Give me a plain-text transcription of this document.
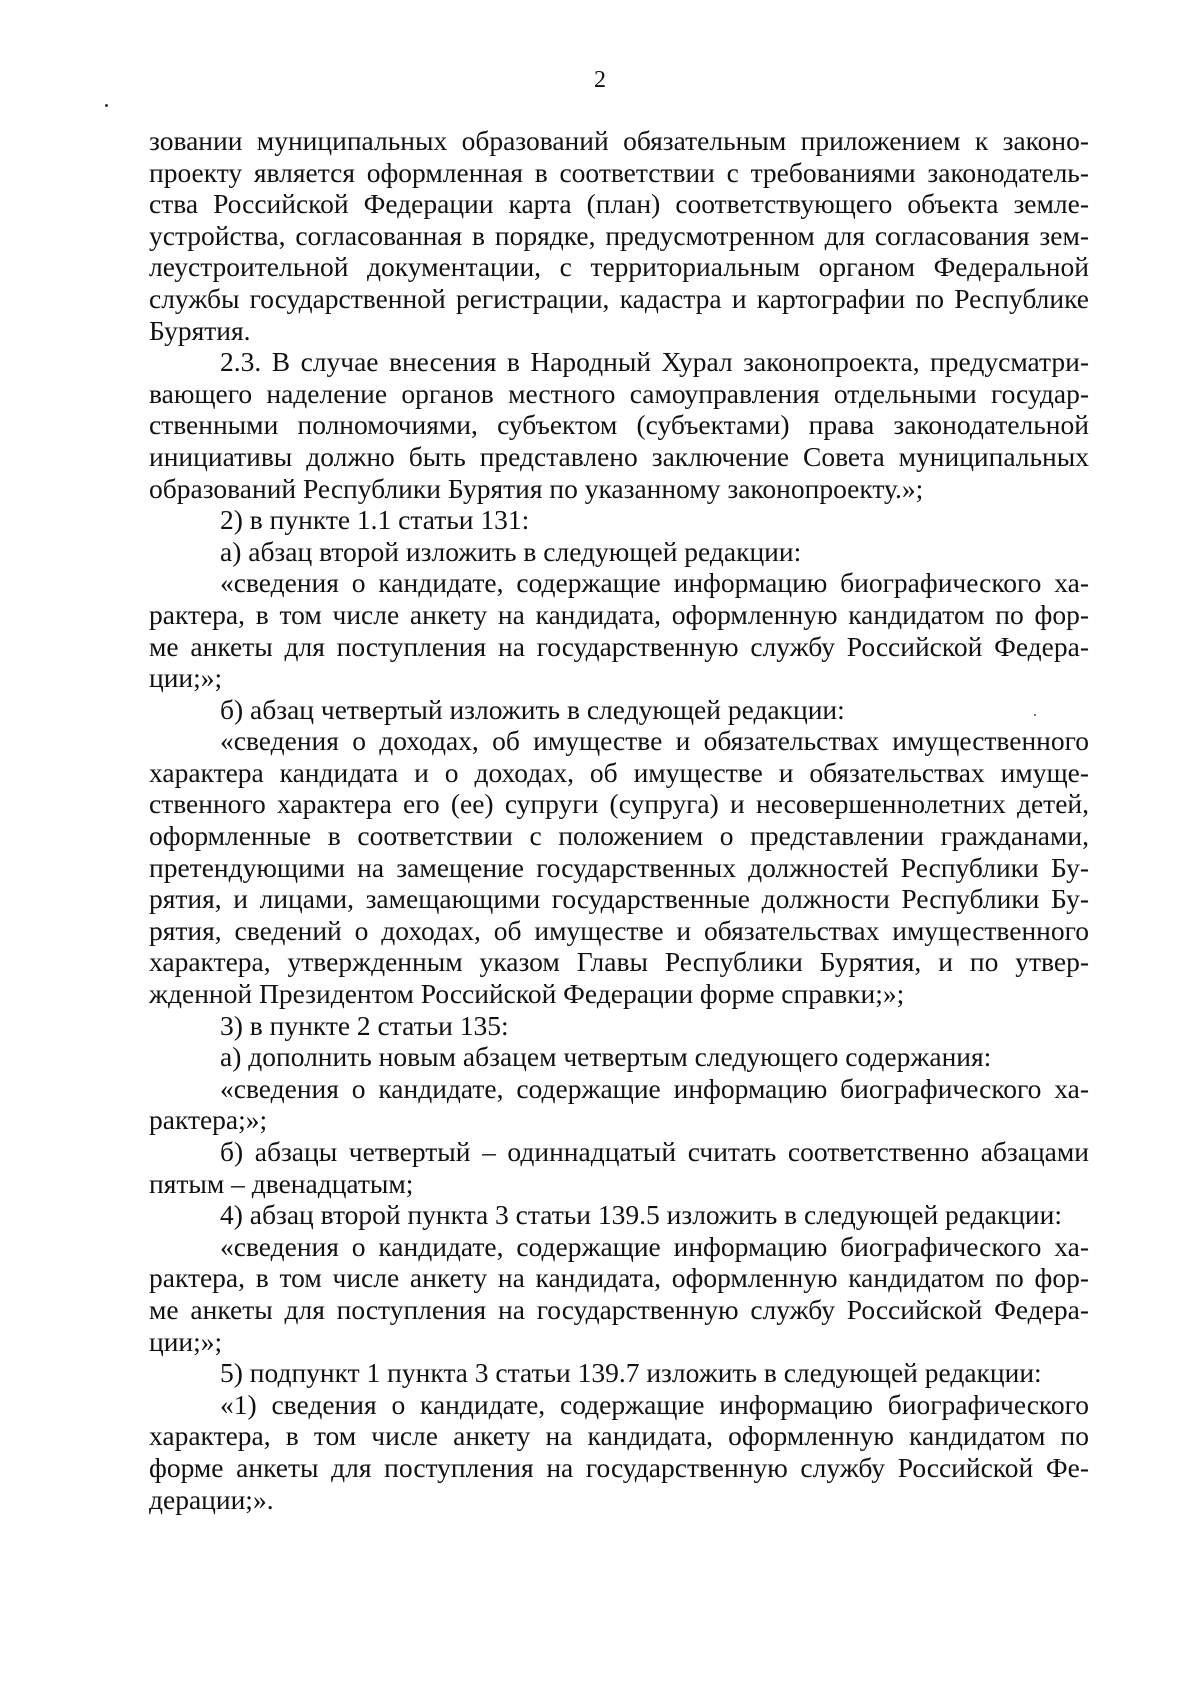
2
зовании муниципальных образований обязательным приложением к законо-
проекту является оформленная в соответствии с требованиями законодатель-
ства Российской Федерации карта (план) соответствующего объекта земле-
устройства, согласованная в порядке, предусмотренном для согласования зем-
леустроительной документации, с территориальным органом Федеральной
службы государственной регистрации, кадастра и картографии по Республике
Бурятия.
2.3. В случае внесения в Народный Хурал законопроекта, предусматри-
вающего наделение органов местного самоуправления отдельными государ-
ственными полномочиями, субъектом (субъектами) права законодательной
инициативы должно быть представлено заключение Совета муниципальных
образований Республики Бурятия по указанному законопроекту.»;
2) в пункте 1.1 статьи 131:
а) абзац второй изложить в следующей редакции:
«сведения о кандидате, содержащие информацию биографического ха-
рактера, в том числе анкету на кандидата, оформленную кандидатом по фор-
ме анкеты для поступления на государственную службу Российской Федера-
ции;»;
б) абзац четвертый изложить в следующей редакции:
«сведения о доходах, об имуществе и обязательствах имущественного
характера кандидата и о доходах, об имуществе и обязательствах имуще-
ственного характера его (ее) супруги (супруга) и несовершеннолетних детей,
оформленные в соответствии с положением о представлении гражданами,
претендующими на замещение государственных должностей Республики Бу-
рятия, и лицами, замещающими государственные должности Республики Бу-
рятия, сведений о доходах, об имуществе и обязательствах имущественного
характера, утвержденным указом Главы Республики Бурятия, и по утвер-
жденной Президентом Российской Федерации форме справки;»;
3) в пункте 2 статьи 135:
а) дополнить новым абзацем четвертым следующего содержания:
«сведения о кандидате, содержащие информацию биографического ха-
рактера;»;
б) абзацы четвертый – одиннадцатый считать соответственно абзацами
пятым – двенадцатым;
4) абзац второй пункта 3 статьи 139.5 изложить в следующей редакции:
«сведения о кандидате, содержащие информацию биографического ха-
рактера, в том числе анкету на кандидата, оформленную кандидатом по фор-
ме анкеты для поступления на государственную службу Российской Федера-
ции;»;
5) подпункт 1 пункта 3 статьи 139.7 изложить в следующей редакции:
«1) сведения о кандидате, содержащие информацию биографического
характера, в том числе анкету на кандидата, оформленную кандидатом по
форме анкеты для поступления на государственную службу Российской Фе-
дерации;».
